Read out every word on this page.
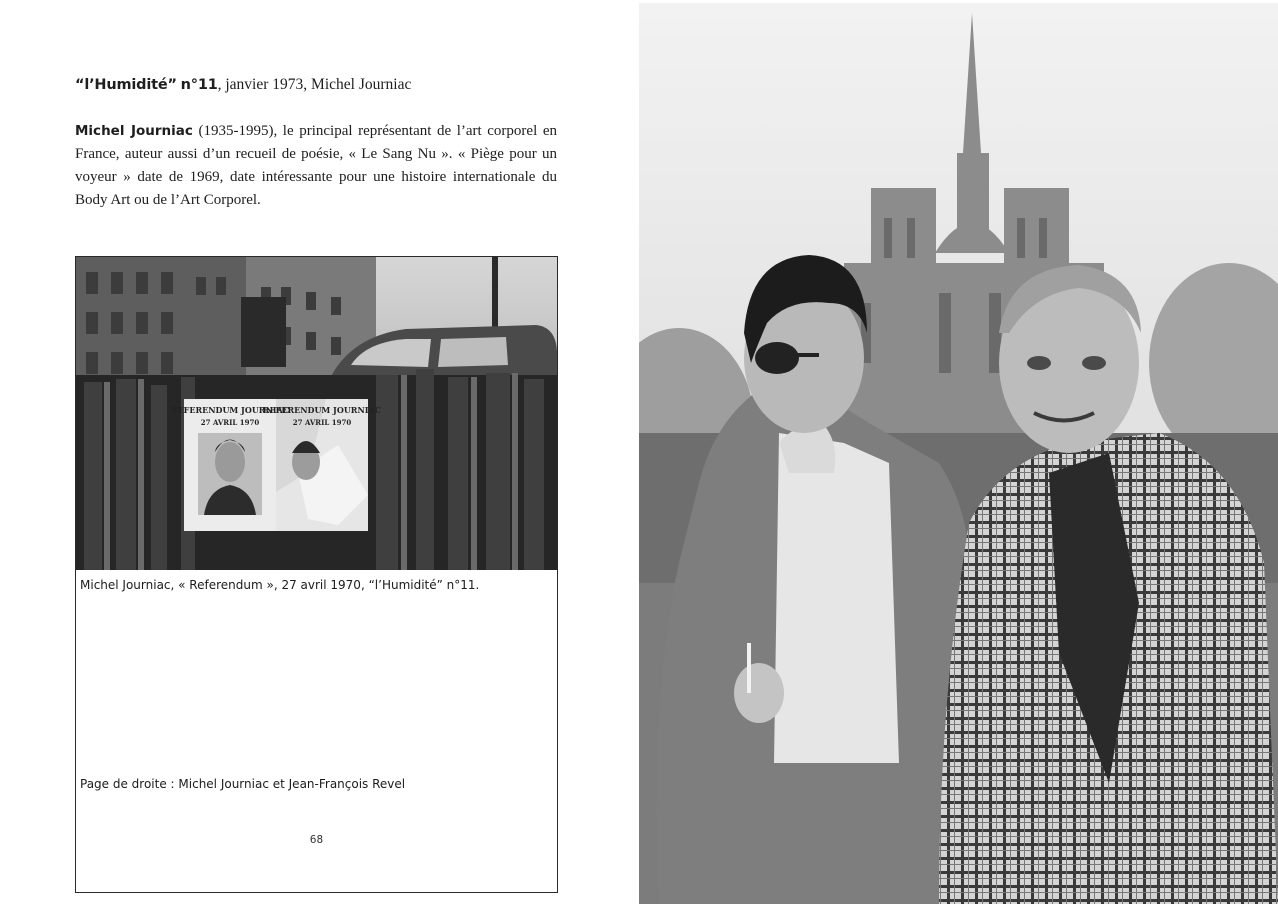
“l’Humidité” n°11, janvier 1973, Michel Journiac

Michel Journiac (1935-1995), le principal représentant de l’art corporel en France, auteur aussi d’un recueil de poésie, « Le Sang Nu ». « Piège pour un voyeur » date de 1969, date intéressante pour une histoire internationale du Body Art ou de l’Art Corporel.

REFERENDUM JOURNIAC
27 AVRIL 1970
REFERENDUM JOURNIAC
27 AVRIL 1970
Michel Journiac, « Referendum », 27 avril 1970, “l’Humidité” n°11.
Page de droite : Michel Journiac et Jean-François Revel
68
